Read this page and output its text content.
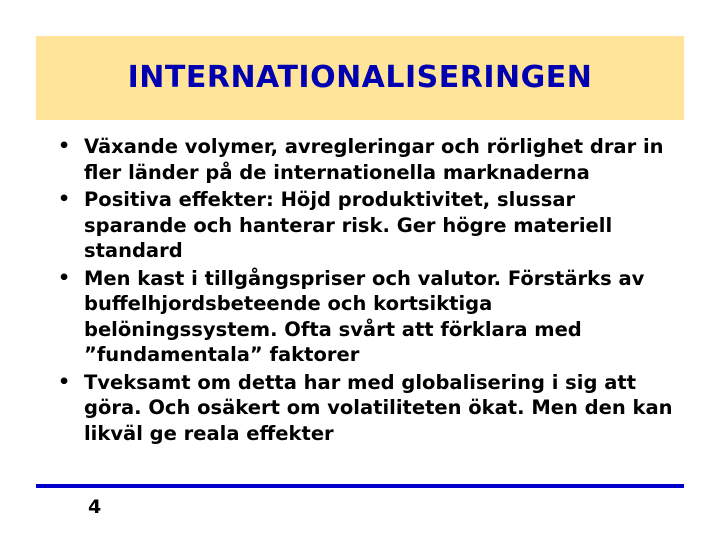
INTERNATIONALISERINGEN
• Växande volymer, avregleringar och rörlighet drar in fler länder på de internationella marknaderna
• Positiva effekter: Höjd produktivitet, slussar sparande och hanterar risk. Ger högre materiell standard
• Men kast i tillgångspriser och valutor. Förstärks av buffelhjordsbeteende och kortsiktiga belöningssystem. Ofta svårt att förklara med ”fundamentala” faktorer
• Tveksamt om detta har med globalisering i sig att göra. Och osäkert om volatiliteten ökat. Men den kan likväl ge reala effekter
4
